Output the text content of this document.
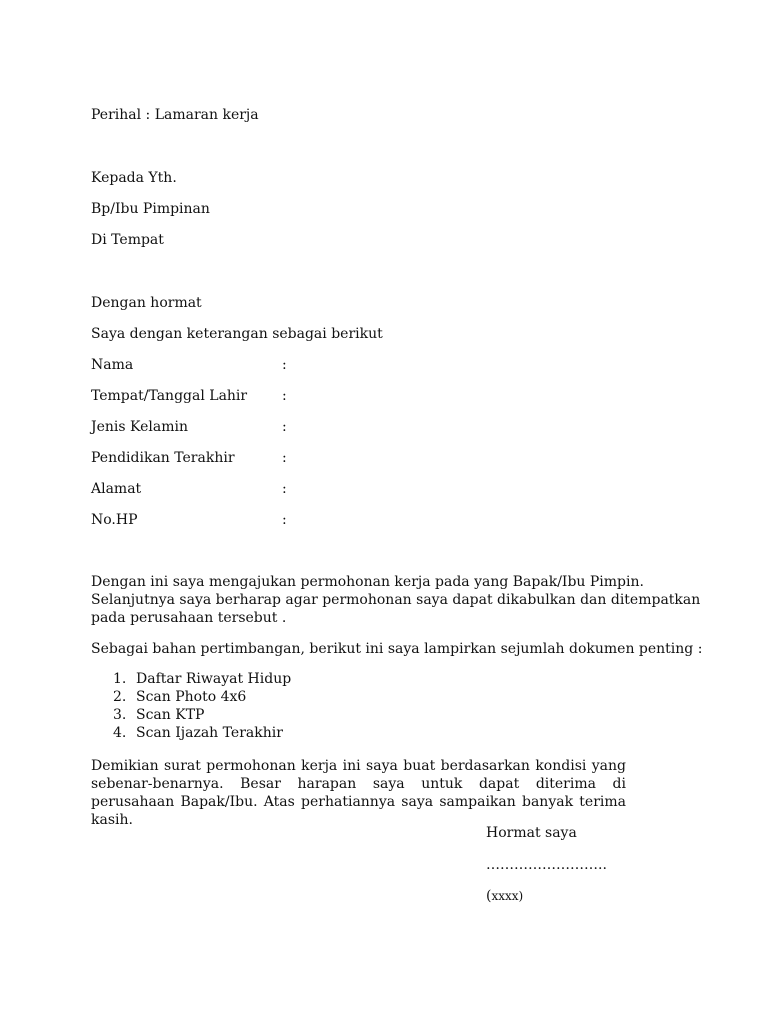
Perihal : Lamaran kerja
Kepada Yth.
Bp/Ibu Pimpinan
Di Tempat
Dengan hormat
Saya dengan keterangan sebagai berikut
Nama	:
Tempat/Tanggal Lahir :
Jenis Kelamin	:
Pendidikan Terakhir	:
Alamat	:
No.HP	:
Dengan ini saya mengajukan permohonan kerja pada yang Bapak/Ibu Pimpin.
Selanjutnya saya berharap agar permohonan saya dapat dikabulkan dan ditempatkan
pada perusahaan tersebut .
Sebagai bahan pertimbangan, berikut ini saya lampirkan sejumlah dokumen penting :
1. Daftar Riwayat Hidup
2. Scan Photo 4x6
3. Scan KTP
4. Scan Ijazah Terakhir
Demikian surat permohonan kerja ini saya buat berdasarkan kondisi yang sebenar-benarnya. Besar harapan saya untuk dapat diterima di perusahaan Bapak/Ibu. Atas perhatiannya saya sampaikan banyak terima kasih.
Hormat saya
……………………..
(xxxx)
